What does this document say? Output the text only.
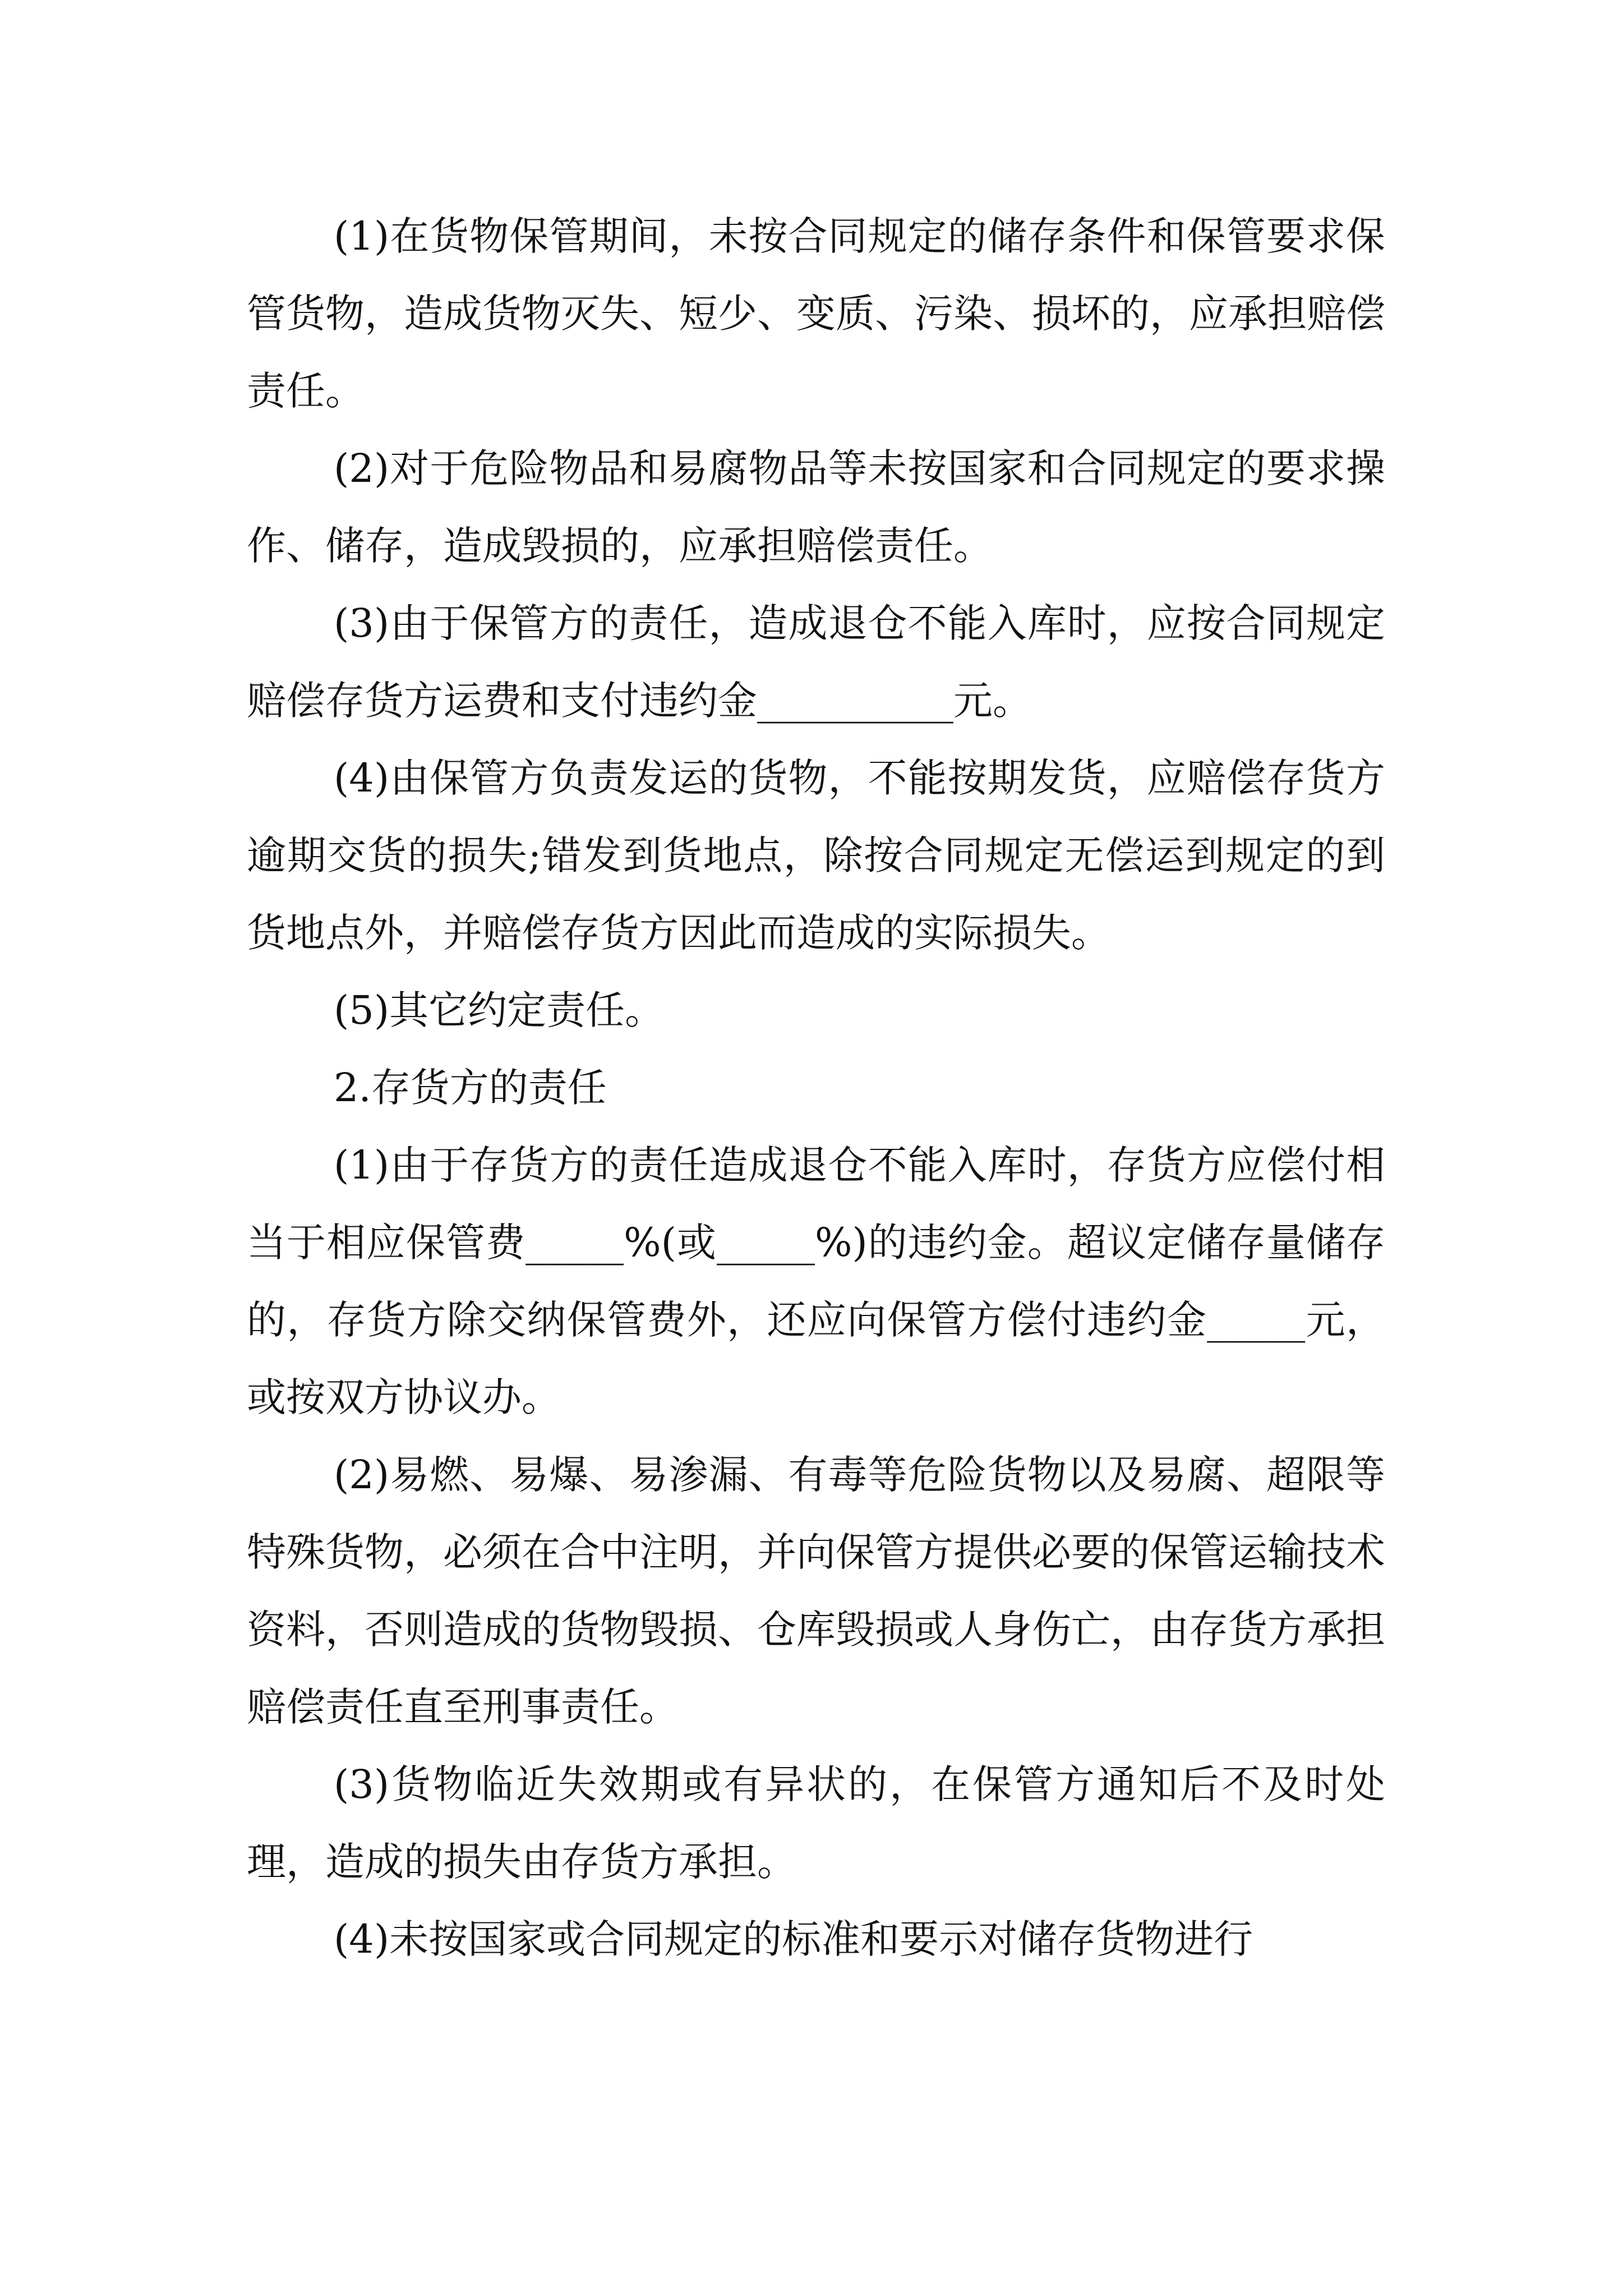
(1)在货物保管期间，未按合同规定的储存条件和保管要求保管货物，造成货物灭失、短少、变质、污染、损坏的，应承担赔偿责任。

(2)对于危险物品和易腐物品等未按国家和合同规定的要求操作、储存，造成毁损的，应承担赔偿责任。

(3)由于保管方的责任，造成退仓不能入库时，应按合同规定赔偿存货方运费和支付违约金__________元。

(4)由保管方负责发运的货物，不能按期发货，应赔偿存货方逾期交货的损失;错发到货地点，除按合同规定无偿运到规定的到货地点外，并赔偿存货方因此而造成的实际损失。

(5)其它约定责任。

2.存货方的责任

(1)由于存货方的责任造成退仓不能入库时，存货方应偿付相当于相应保管费_____%(或_____%)的违约金。超议定储存量储存的，存货方除交纳保管费外，还应向保管方偿付违约金_____元，或按双方协议办。

(2)易燃、易爆、易渗漏、有毒等危险货物以及易腐、超限等特殊货物，必须在合中注明，并向保管方提供必要的保管运输技术资料，否则造成的货物毁损、仓库毁损或人身伤亡，由存货方承担赔偿责任直至刑事责任。

(3)货物临近失效期或有异状的，在保管方通知后不及时处理，造成的损失由存货方承担。

(4)未按国家或合同规定的标准和要示对储存货物进行
